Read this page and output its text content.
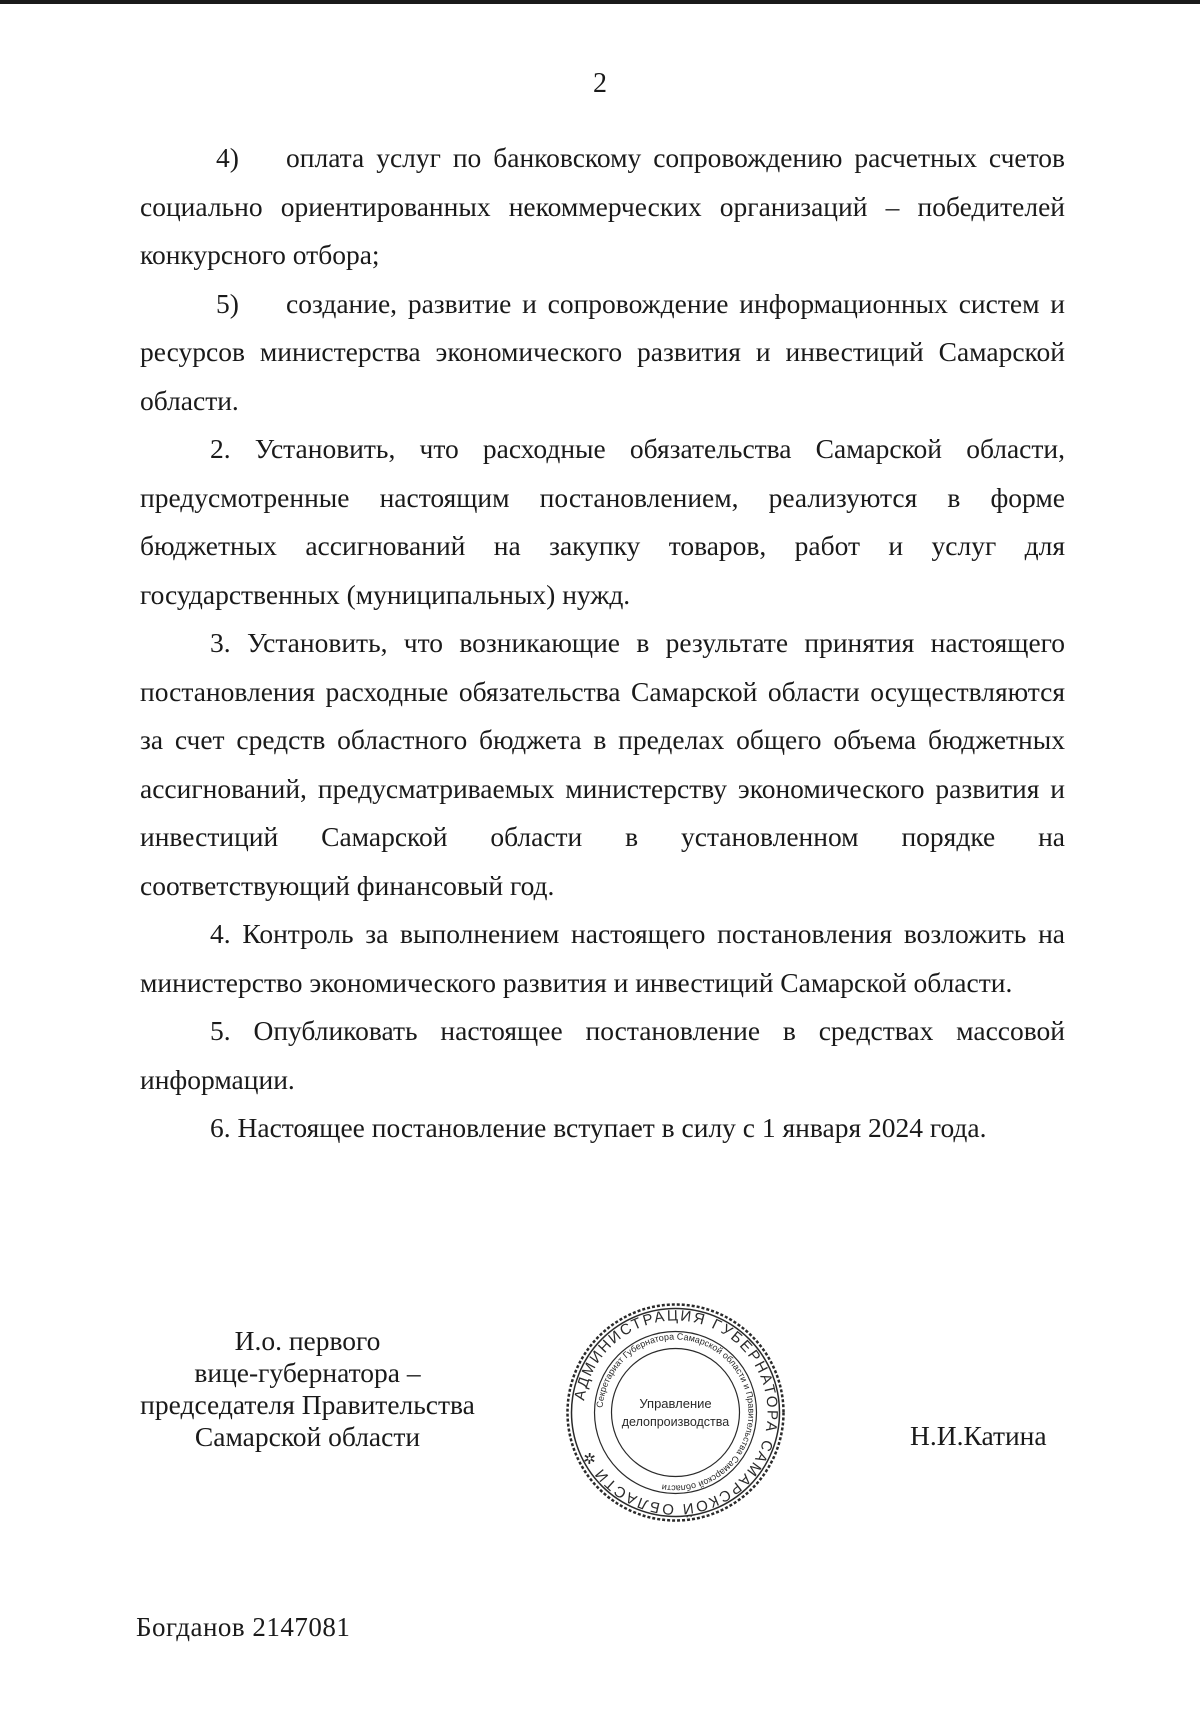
2

4) оплата услуг по банковскому сопровождению расчетных счетов социально ориентированных некоммерческих организаций – победителей конкурсного отбора;

5) создание, развитие и сопровождение информационных систем и ресурсов министерства экономического развития и инвестиций Самарской области.

2. Установить, что расходные обязательства Самарской области, предусмотренные настоящим постановлением, реализуются в форме бюджетных ассигнований на закупку товаров, работ и услуг для государственных (муниципальных) нужд.

3. Установить, что возникающие в результате принятия настоящего постановления расходные обязательства Самарской области осуществляются за счет средств областного бюджета в пределах общего объема бюджетных ассигнований, предусматриваемых министерству экономического развития и инвестиций Самарской области в установленном порядке на соответствующий финансовый год.

4. Контроль за выполнением настоящего постановления возложить на министерство экономического развития и инвестиций Самарской области.

5. Опубликовать настоящее постановление в средствах массовой информации.

6. Настоящее постановление вступает в силу с 1 января 2024 года.

И.о. первого
вице-губернатора –
председателя Правительства
Самарской области
АДМИНИСТРАЦИЯ ГУБЕРНАТОРА САМАРСКОЙ ОБЛАСТИ ✲
Секретариат Губернатора Самарской области и Правительства Самарской области
Управление
делопроизводства	Н.И.Катина
Богданов 2147081
